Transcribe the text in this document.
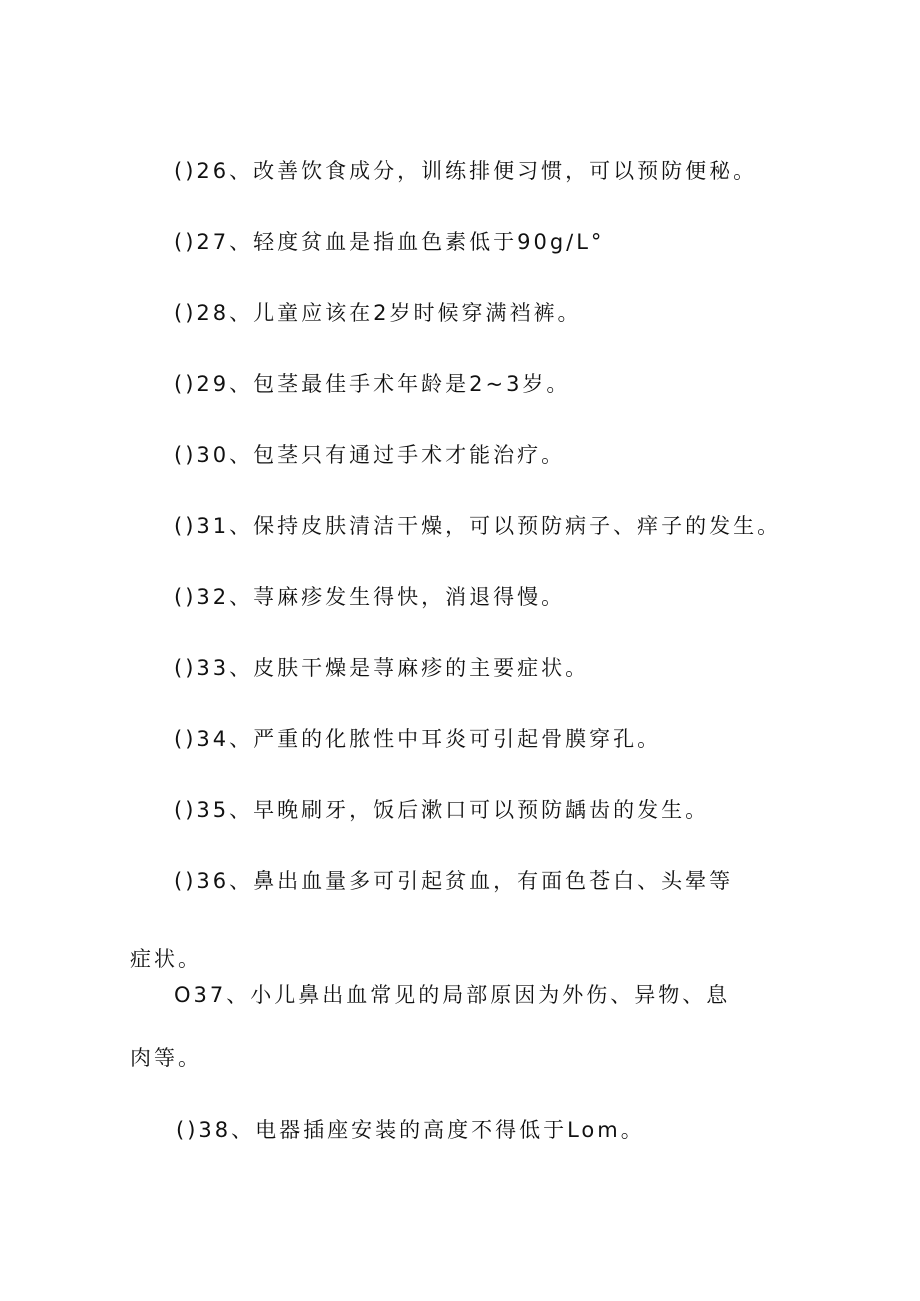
()26、改善饮食成分，训练排便习惯，可以预防便秘。
()27、轻度贫血是指血色素低于90g∕L°
()28、儿童应该在2岁时候穿满裆裤。
()29、包茎最佳手术年龄是2~3岁。
()30、包茎只有通过手术才能治疗。
()31、保持皮肤清洁干燥，可以预防病子、痒子的发生。
()32、荨麻疹发生得快，消退得慢。
()33、皮肤干燥是荨麻疹的主要症状。
()34、严重的化脓性中耳炎可引起骨膜穿孔。
()35、早晚刷牙，饭后漱口可以预防龋齿的发生。
()36、鼻出血量多可引起贫血，有面色苍白、头晕等
症状。
O37、小儿鼻出血常见的局部原因为外伤、异物、息
肉等。
()38、电器插座安装的高度不得低于Lom。
